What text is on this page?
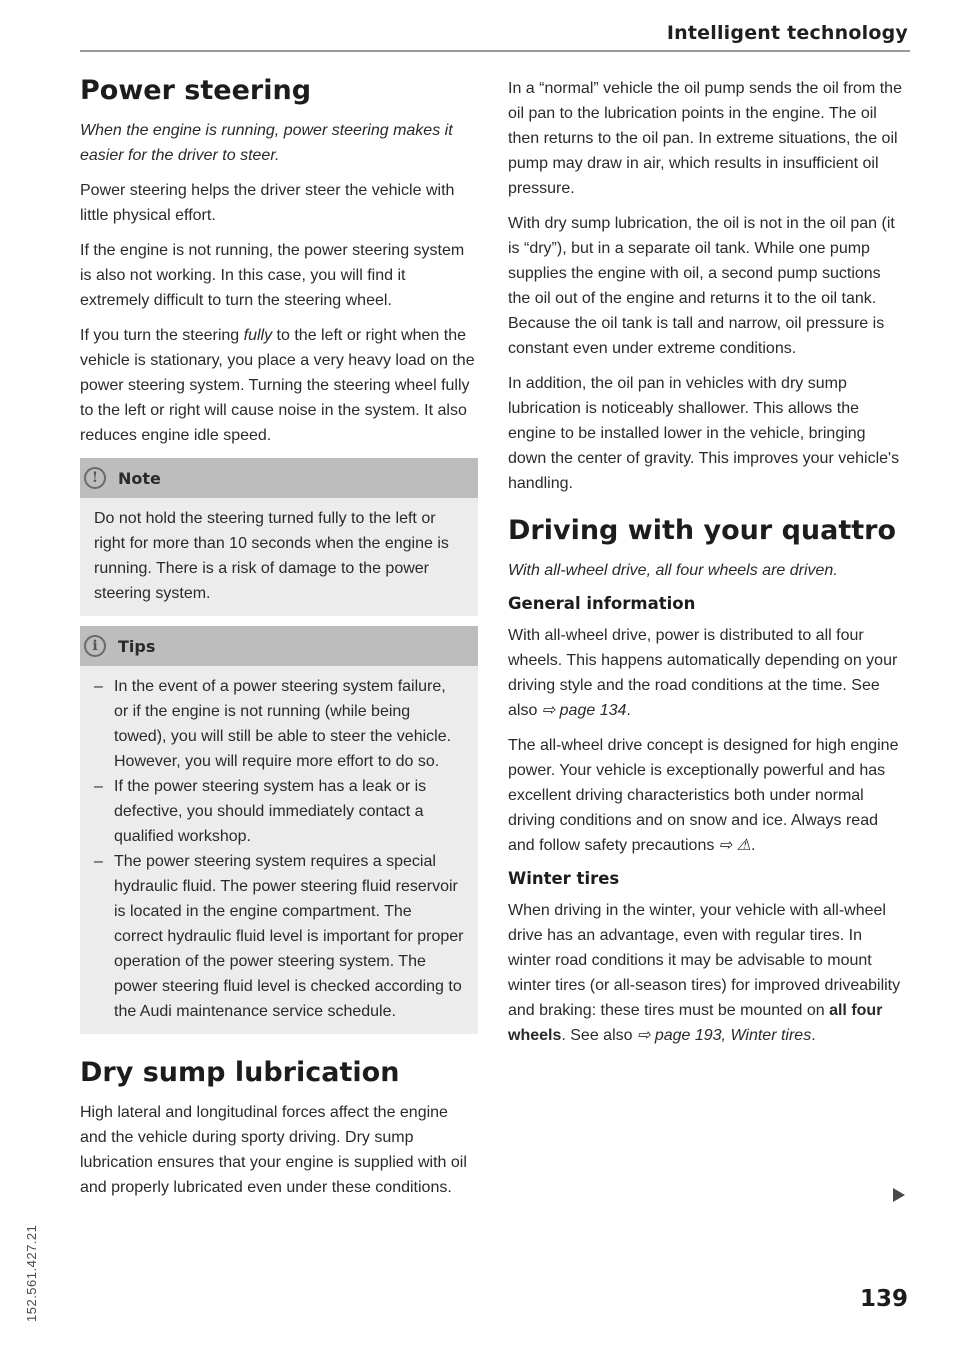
Intelligent technology
Power steering

When the engine is running, power steering makes it easier for the driver to steer.

Power steering helps the driver steer the vehicle with little physical effort.

If the engine is not running, the power steering system is also not working. In this case, you will find it extremely difficult to turn the steering wheel.

If you turn the steering fully to the left or right when the vehicle is stationary, you place a very heavy load on the power steering system. Turning the steering wheel fully to the left or right will cause noise in the system. It also reduces engine idle speed.

!	Note

Do not hold the steering turned fully to the left or right for more than 10 seconds when the engine is running. There is a risk of damage to the power steering system.

i	Tips
– In the event of a power steering system failure, or if the engine is not running (while being towed), you will still be able to steer the vehicle. However, you will require more effort to do so.
– If the power steering system has a leak or is defective, you should immediately contact a qualified workshop.
– The power steering system requires a special hydraulic fluid. The power steering fluid reservoir is located in the engine compartment. The correct hydraulic fluid level is important for proper operation of the power steering system. The power steering fluid level is checked according to the Audi maintenance service schedule.
Dry sump lubrication

High lateral and longitudinal forces affect the engine and the vehicle during sporty driving. Dry sump lubrication ensures that your engine is supplied with oil and properly lubricated even under these conditions.

In a “normal” vehicle the oil pump sends the oil from the oil pan to the lubrication points in the engine. The oil then returns to the oil pan. In extreme situations, the oil pump may draw in air, which results in insufficient oil pressure.

With dry sump lubrication, the oil is not in the oil pan (it is “dry”), but in a separate oil tank. While one pump supplies the engine with oil, a second pump suctions the oil out of the engine and returns it to the oil tank. Because the oil tank is tall and narrow, oil pressure is constant even under extreme conditions.

In addition, the oil pan in vehicles with dry sump lubrication is noticeably shallower. This allows the engine to be installed lower in the vehicle, bringing down the center of gravity. This improves your vehicle's handling.

Driving with your quattro

With all-wheel drive, all four wheels are driven.

General information

With all-wheel drive, power is distributed to all four wheels. This happens automatically depending on your driving style and the road conditions at the time. See also ⇨ page 134.

The all-wheel drive concept is designed for high engine power. Your vehicle is exceptionally powerful and has excellent driving characteristics both under normal driving conditions and on snow and ice. Always read and follow safety precautions ⇨ ⚠.

Winter tires

When driving in the winter, your vehicle with all-wheel drive has an advantage, even with regular tires. In winter road conditions it may be advisable to mount winter tires (or all-season tires) for improved driveability and braking: these tires must be mounted on all four wheels. See also ⇨ page 193, Winter tires.

152.561.427.21	139
